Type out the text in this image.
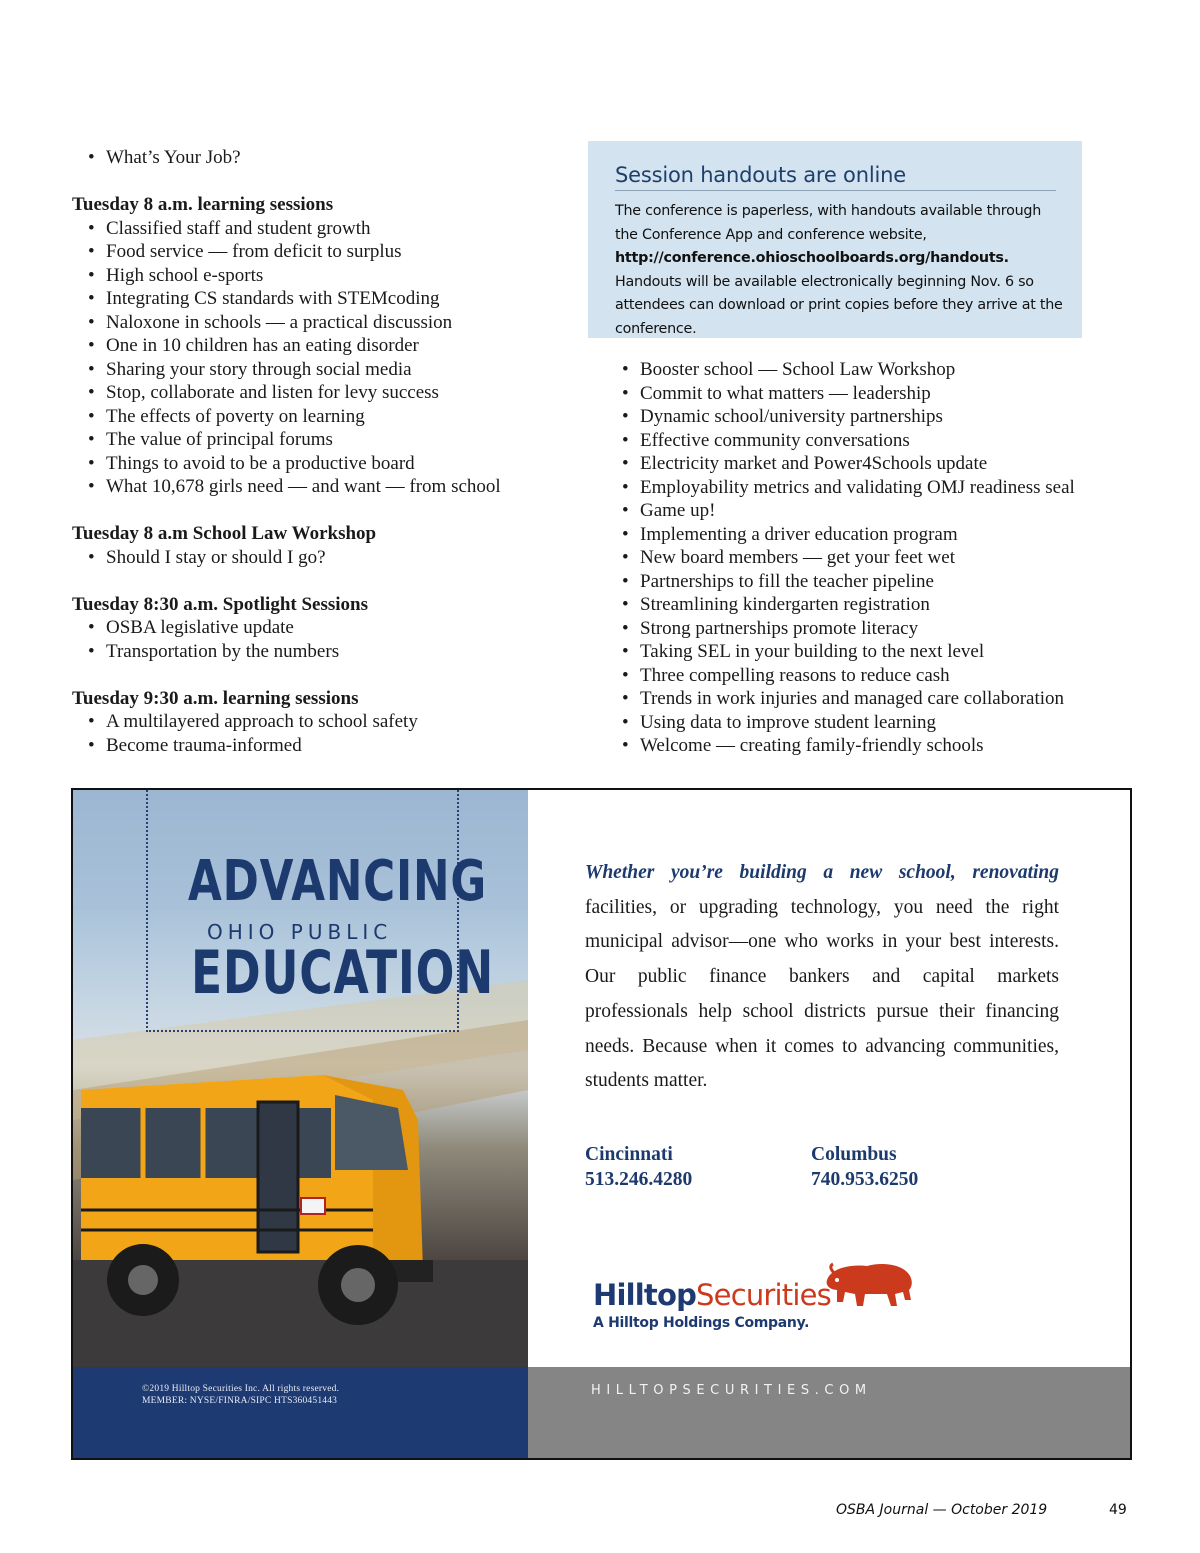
• What’s Your Job?
Tuesday 8 a.m. learning sessions
• Classified staff and student growth
• Food service — from deficit to surplus
• High school e-sports
• Integrating CS standards with STEMcoding
• Naloxone in schools — a practical discussion
• One in 10 children has an eating disorder
• Sharing your story through social media
• Stop, collaborate and listen for levy success
• The effects of poverty on learning
• The value of principal forums
• Things to avoid to be a productive board
• What 10,678 girls need — and want — from school
Tuesday 8 a.m School Law Workshop
• Should I stay or should I go?
Tuesday 8:30 a.m. Spotlight Sessions
• OSBA legislative update
• Transportation by the numbers
Tuesday 9:30 a.m. learning sessions
• A multilayered approach to school safety
• Become trauma-informed
Session handouts are online
The conference is paperless, with handouts available through the Conference App and conference website, http://conference.ohioschoolboards.org/handouts. Handouts will be available electronically beginning Nov. 6 so attendees can download or print copies before they arrive at the conference.
• Booster school — School Law Workshop
• Commit to what matters — leadership
• Dynamic school/university partnerships
• Effective community conversations
• Electricity market and Power4Schools update
• Employability metrics and validating OMJ readiness seal
• Game up!
• Implementing a driver education program
• New board members — get your feet wet
• Partnerships to fill the teacher pipeline
• Streamlining kindergarten registration
• Strong partnerships promote literacy
• Taking SEL in your building to the next level
• Three compelling reasons to reduce cash
• Trends in work injuries and managed care collaboration
• Using data to improve student learning
• Welcome — creating family-friendly schools
ADVANCING
OHIO PUBLIC
EDUCATION
Whether you’re building a new school, renovating facilities, or upgrading technology, you need the right municipal advisor—one who works in your best interests. Our public finance bankers and capital markets professionals help school districts pursue their financing needs. Because when it comes to advancing communities, students matter.
Cincinnati
513.246.4280
Columbus
740.953.6250
HilltopSecurities
A Hilltop Holdings Company.
©2019 Hilltop Securities Inc. All rights reserved.
MEMBER: NYSE/FINRA/SIPC HTS360451443
HILLTOPSECURITIES.COM
OSBA Journal — October 2019	49
